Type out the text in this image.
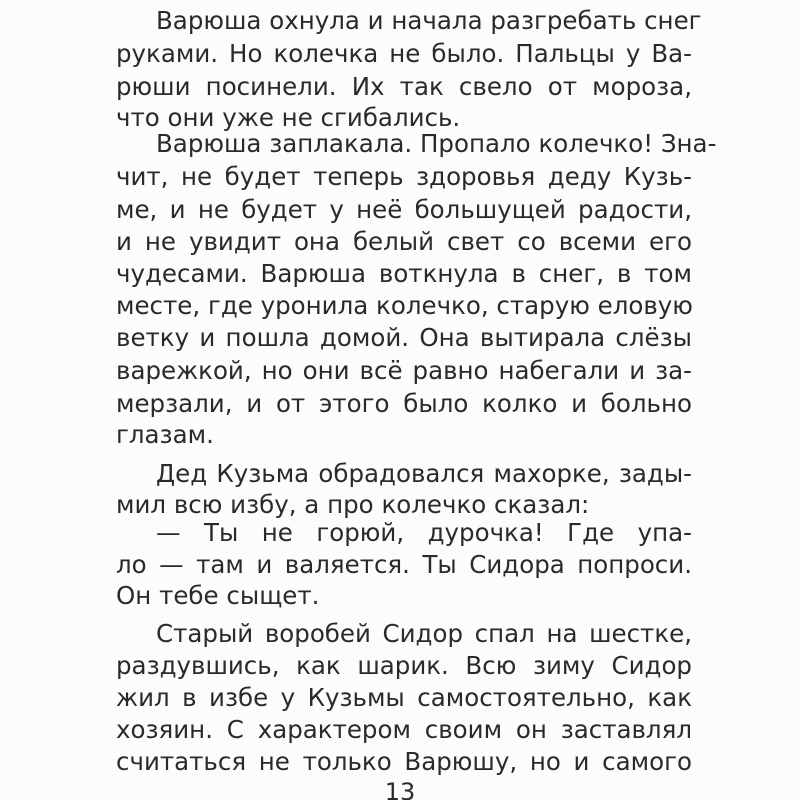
Варюша охнула и начала разгребать снег
руками. Но колечка не было. Пальцы у Ва-
рюши посинели. Их так свело от мороза,
что они уже не сгибались.
Варюша заплакала. Пропало колечко! Зна-
чит, не будет теперь здоровья деду Кузь-
ме, и не будет у неё большущей радости,
и не увидит она белый свет со всеми его
чудесами. Варюша воткнула в снег, в том
месте, где уронила колечко, старую еловую
ветку и пошла домой. Она вытирала слёзы
варежкой, но они всё равно набегали и за-
мерзали, и от этого было колко и больно
глазам.
Дед Кузьма обрадовался махорке, зады-
мил всю избу, а про колечко сказал:
— Ты не горюй, дурочка! Где упа-
ло — там и валяется. Ты Сидора попроси.
Он тебе сыщет.
Старый воробей Сидор спал на шестке,
раздувшись, как шарик. Всю зиму Сидор
жил в избе у Кузьмы самостоятельно, как
хозяин. С характером своим он заставлял
считаться не только Варюшу, но и самого
13
